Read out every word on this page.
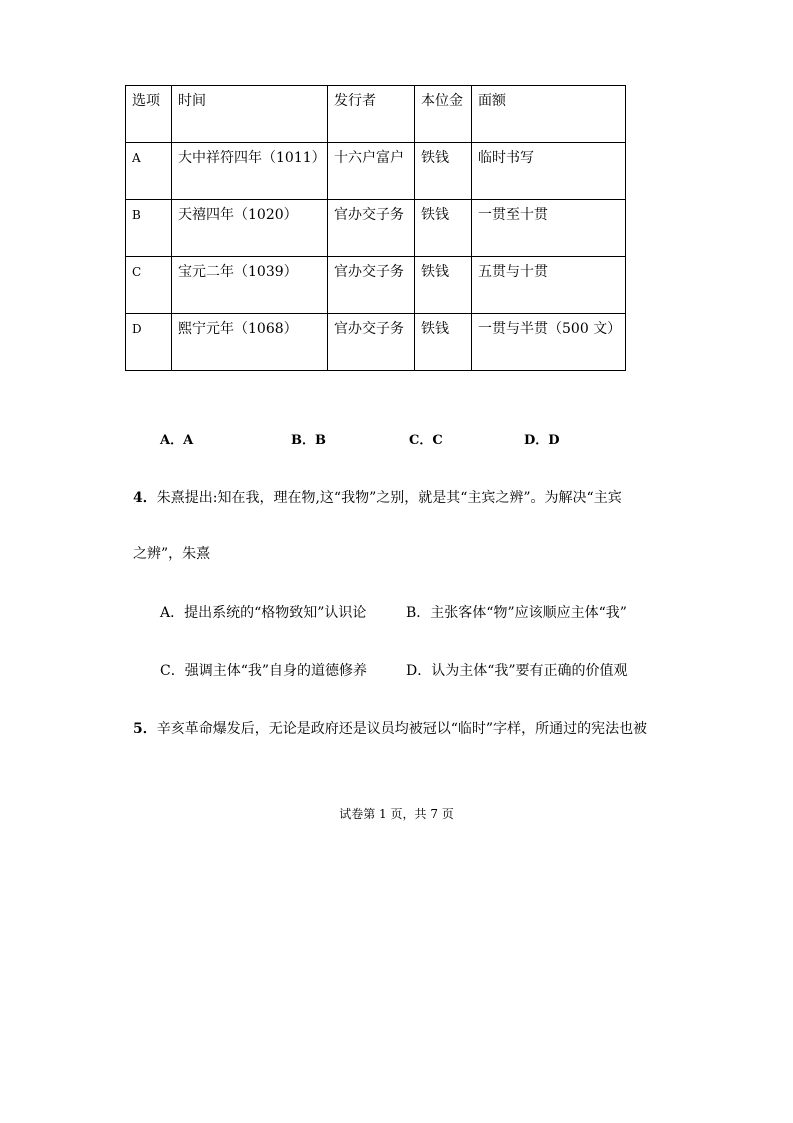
选项	时间	发行者	本位金	面额
A	大中祥符四年（1011）	十六户富户	铁钱	临时书写
B	天禧四年（1020）	官办交子务	铁钱	一贯至十贯
C	宝元二年（1039）	官办交子务	铁钱	五贯与十贯
D	熙宁元年（1068）	官办交子务	铁钱	一贯与半贯（500 文）
A．A	B．B	C．C	D．D
4．朱熹提出:知在我，理在物,这“我物”之别，就是其“主宾之辨”。为解决“主宾
之辨”，朱熹
A．提出系统的“格物致知”认识论	B．主张客体“物”应该顺应主体“我”
C．强调主体“我”自身的道德修养	D．认为主体“我”要有正确的价值观
5．辛亥革命爆发后，无论是政府还是议员均被冠以“临时”字样，所通过的宪法也被
试卷第 1 页，共 7 页
